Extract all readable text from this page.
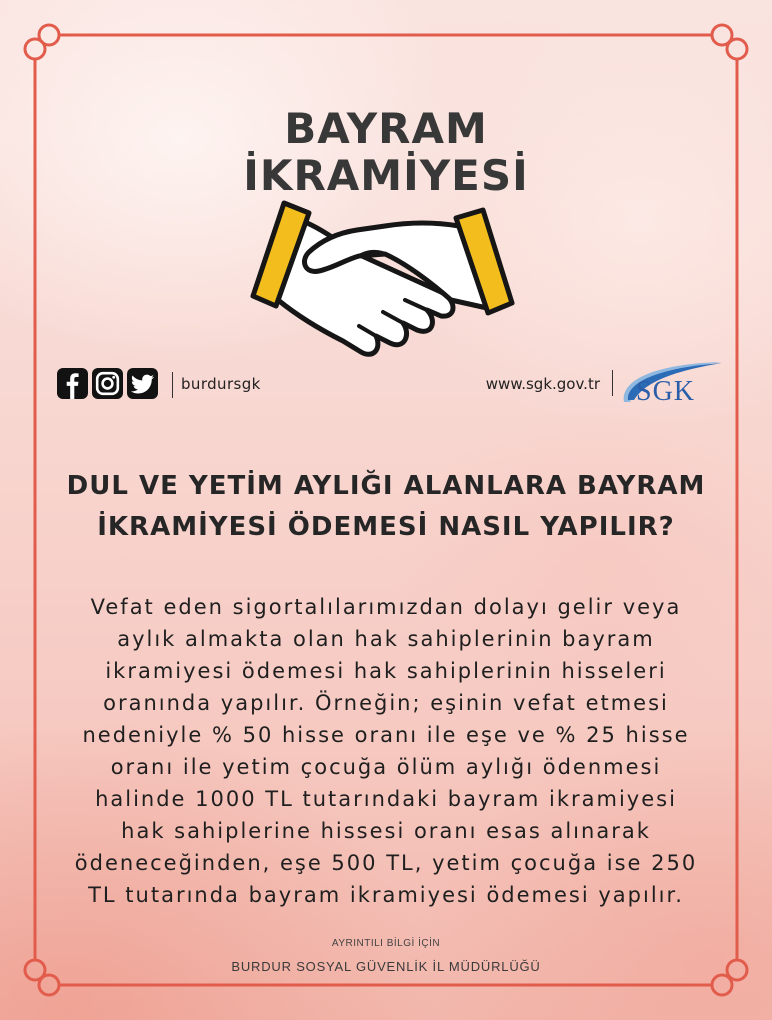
BAYRAM
İKRAMİYESİ
burdursgk	www.sgk.gov.tr SGK
DUL VE YETİM AYLIĞI ALANLARA BAYRAM
İKRAMİYESİ ÖDEMESİ NASIL YAPILIR?
Vefat eden sigortalılarımızdan dolayı gelir veya
aylık almakta olan hak sahiplerinin bayram
ikramiyesi ödemesi hak sahiplerinin hisseleri
oranında yapılır. Örneğin; eşinin vefat etmesi
nedeniyle % 50 hisse oranı ile eşe ve % 25 hisse
oranı ile yetim çocuğa ölüm aylığı ödenmesi
halinde 1000 TL tutarındaki bayram ikramiyesi
hak sahiplerine hissesi oranı esas alınarak
ödeneceğinden, eşe 500 TL, yetim çocuğa ise 250
TL tutarında bayram ikramiyesi ödemesi yapılır.
AYRINTILI BİLGİ İÇİN
BURDUR SOSYAL GÜVENLİK İL MÜDÜRLÜĞÜ
